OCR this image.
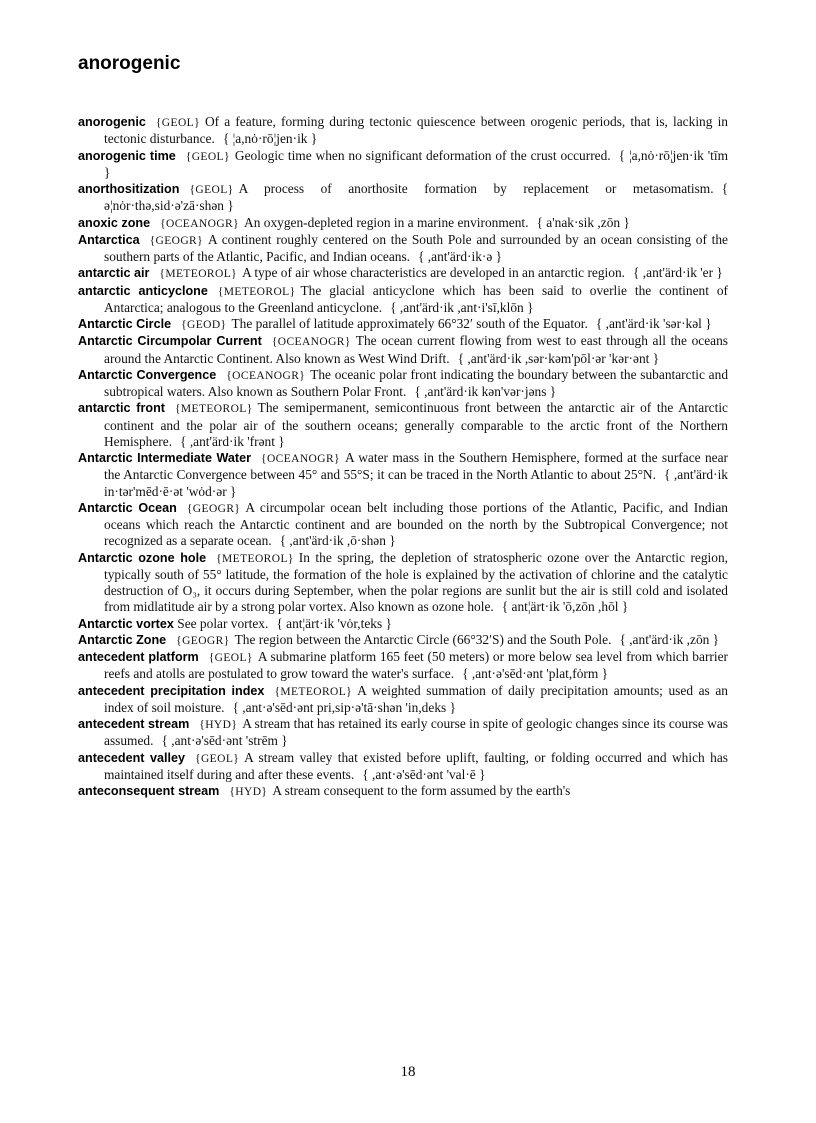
anorogenic

anorogenic {GEOL} Of a feature, forming during tectonic quiescence between orogenic periods, that is, lacking in tectonic disturbance. { ¦a,nȯ·rō¦jen·ik }

anorogenic time {GEOL} Geologic time when no significant deformation of the crust occurred. { ¦a,nȯ·rō¦jen·ik 'tīm }

anorthositization {GEOL} A process of anorthosite formation by replacement or metasomatism. { ə¦nȯr·thə,sid·ə'zā·shən }

anoxic zone {OCEANOGR} An oxygen-depleted region in a marine environment. { a'nak·sik ,zōn }

Antarctica {GEOGR} A continent roughly centered on the South Pole and surrounded by an ocean consisting of the southern parts of the Atlantic, Pacific, and Indian oceans. { ,ant'ärd·ik·ə }

antarctic air {METEOROL} A type of air whose characteristics are developed in an antarctic region. { ,ant'ärd·ik 'er }

antarctic anticyclone {METEOROL} The glacial anticyclone which has been said to overlie the continent of Antarctica; analogous to the Greenland anticyclone. { ,ant'ärd·ik ,ant·i'sī,klōn }

Antarctic Circle {GEOD} The parallel of latitude approximately 66°32′ south of the Equator. { ,ant'ärd·ik 'sər·kəl }

Antarctic Circumpolar Current {OCEANOGR} The ocean current flowing from west to east through all the oceans around the Antarctic Continent. Also known as West Wind Drift. { ,ant'ärd·ik ,sər·kəm'pōl·ər 'kər·ənt }

Antarctic Convergence {OCEANOGR} The oceanic polar front indicating the boundary between the subantarctic and subtropical waters. Also known as Southern Polar Front. { ,ant'ärd·ik kən'vər·jəns }

antarctic front {METEOROL} The semipermanent, semicontinuous front between the antarctic air of the Antarctic continent and the polar air of the southern oceans; generally comparable to the arctic front of the Northern Hemisphere. { ,ant'ärd·ik 'frənt }

Antarctic Intermediate Water {OCEANOGR} A water mass in the Southern Hemisphere, formed at the surface near the Antarctic Convergence between 45° and 55°S; it can be traced in the North Atlantic to about 25°N. { ,ant'ärd·ik in·tər'mēd·ē·ət 'wȯd·ər }

Antarctic Ocean {GEOGR} A circumpolar ocean belt including those portions of the Atlantic, Pacific, and Indian oceans which reach the Antarctic continent and are bounded on the north by the Subtropical Convergence; not recognized as a separate ocean. { ,ant'ärd·ik ,ō·shən }

Antarctic ozone hole {METEOROL} In the spring, the depletion of stratospheric ozone over the Antarctic region, typically south of 55° latitude, the formation of the hole is explained by the activation of chlorine and the catalytic destruction of O₃, it occurs during September, when the polar regions are sunlit but the air is still cold and isolated from midlatitude air by a strong polar vortex. Also known as ozone hole. { ant¦ärt·ik 'ō,zōn ,hōl }

Antarctic vortex See polar vortex. { ant¦ärt·ik 'vȯr,teks }

Antarctic Zone {GEOGR} The region between the Antarctic Circle (66°32′S) and the South Pole. { ,ant'ärd·ik ,zōn }

antecedent platform {GEOL} A submarine platform 165 feet (50 meters) or more below sea level from which barrier reefs and atolls are postulated to grow toward the water's surface. { ,ant·ə'sēd·ənt 'plat,fȯrm }

antecedent precipitation index {METEOROL} A weighted summation of daily precipitation amounts; used as an index of soil moisture. { ,ant·ə'sēd·ənt pri,sip·ə'tā·shən 'in,deks }

antecedent stream {HYD} A stream that has retained its early course in spite of geologic changes since its course was assumed. { ,ant·ə'sēd·ənt 'strēm }

antecedent valley {GEOL} A stream valley that existed before uplift, faulting, or folding occurred and which has maintained itself during and after these events. { ,ant·ə'sēd·ənt 'val·ē }

anteconsequent stream {HYD} A stream consequent to the form assumed by the earth's

18
